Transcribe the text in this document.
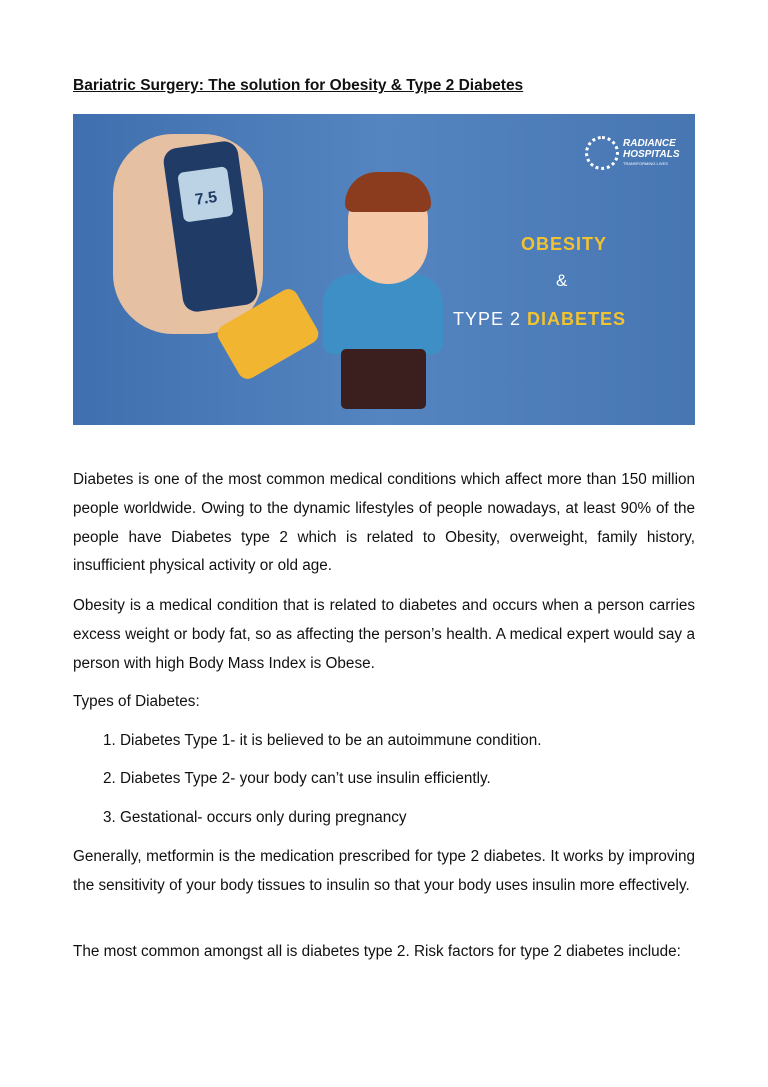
Bariatric Surgery: The solution for Obesity & Type 2 Diabetes
7.5
RADIANCE
HOSPITALS
TRANSFORMING LIVES
OBESITY
&
TYPE 2 DIABETES
Diabetes is one of the most common medical conditions which affect more than 150 million people worldwide. Owing to the dynamic lifestyles of people nowadays, at least 90% of the people have Diabetes type 2 which is related to Obesity, overweight, family history, insufficient physical activity or old age.
Obesity is a medical condition that is related to diabetes and occurs when a person carries excess weight or body fat, so as affecting the person’s health. A medical expert would say a person with high Body Mass Index is Obese.
Types of Diabetes:
1. Diabetes Type 1- it is believed to be an autoimmune condition.
2. Diabetes Type 2- your body can’t use insulin efficiently.
3. Gestational- occurs only during pregnancy
Generally, metformin is the medication prescribed for type 2 diabetes. It works by improving the sensitivity of your body tissues to insulin so that your body uses insulin more effectively.
The most common amongst all is diabetes type 2. Risk factors for type 2 diabetes include:
